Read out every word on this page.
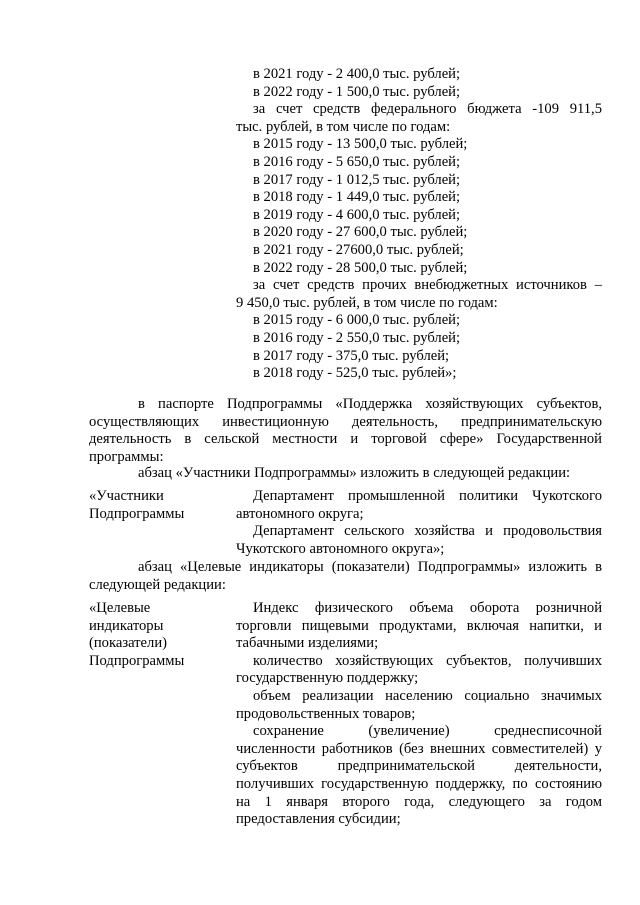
в 2021 году - 2 400,0 тыс. рублей;
в 2022 году - 1 500,0 тыс. рублей;
за счет средств федерального бюджета -109 911,5
тыс. рублей, в том числе по годам:
в 2015 году - 13 500,0 тыс. рублей;
в 2016 году - 5 650,0 тыс. рублей;
в 2017 году - 1 012,5 тыс. рублей;
в 2018 году - 1 449,0 тыс. рублей;
в 2019 году - 4 600,0 тыс. рублей;
в 2020 году - 27 600,0 тыс. рублей;
в 2021 году - 27600,0 тыс. рублей;
в 2022 году - 28 500,0 тыс. рублей;
за счет средств прочих внебюджетных источников –
9 450,0 тыс. рублей, в том числе по годам:
в 2015 году - 6 000,0 тыс. рублей;
в 2016 году - 2 550,0 тыс. рублей;
в 2017 году - 375,0 тыс. рублей;
в 2018 году - 525,0 тыс. рублей»;
в паспорте Подпрограммы «Поддержка хозяйствующих субъектов,
осуществляющих инвестиционную деятельность, предпринимательскую
деятельность в сельской местности и торговой сфере» Государственной
программы:
абзац «Участники Подпрограммы» изложить в следующей редакции:
«Участники
Подпрограммы
Департамент промышленной политики Чукотского
автономного округа;
Департамент сельского хозяйства и продовольствия
Чукотского автономного округа»;
абзац «Целевые индикаторы (показатели) Подпрограммы» изложить в
следующей редакции:
«Целевые
индикаторы
(показатели)
Подпрограммы
Индекс физического объема оборота розничной
торговли пищевыми продуктами, включая напитки, и
табачными изделиями;
количество хозяйствующих субъектов, получивших
государственную поддержку;
объем реализации населению социально значимых
продовольственных товаров;
сохранение (увеличение) среднесписочной
численности работников (без внешних совместителей) у
субъектов предпринимательской деятельности,
получивших государственную поддержку, по состоянию
на 1 января второго года, следующего за годом
предоставления субсидии;
